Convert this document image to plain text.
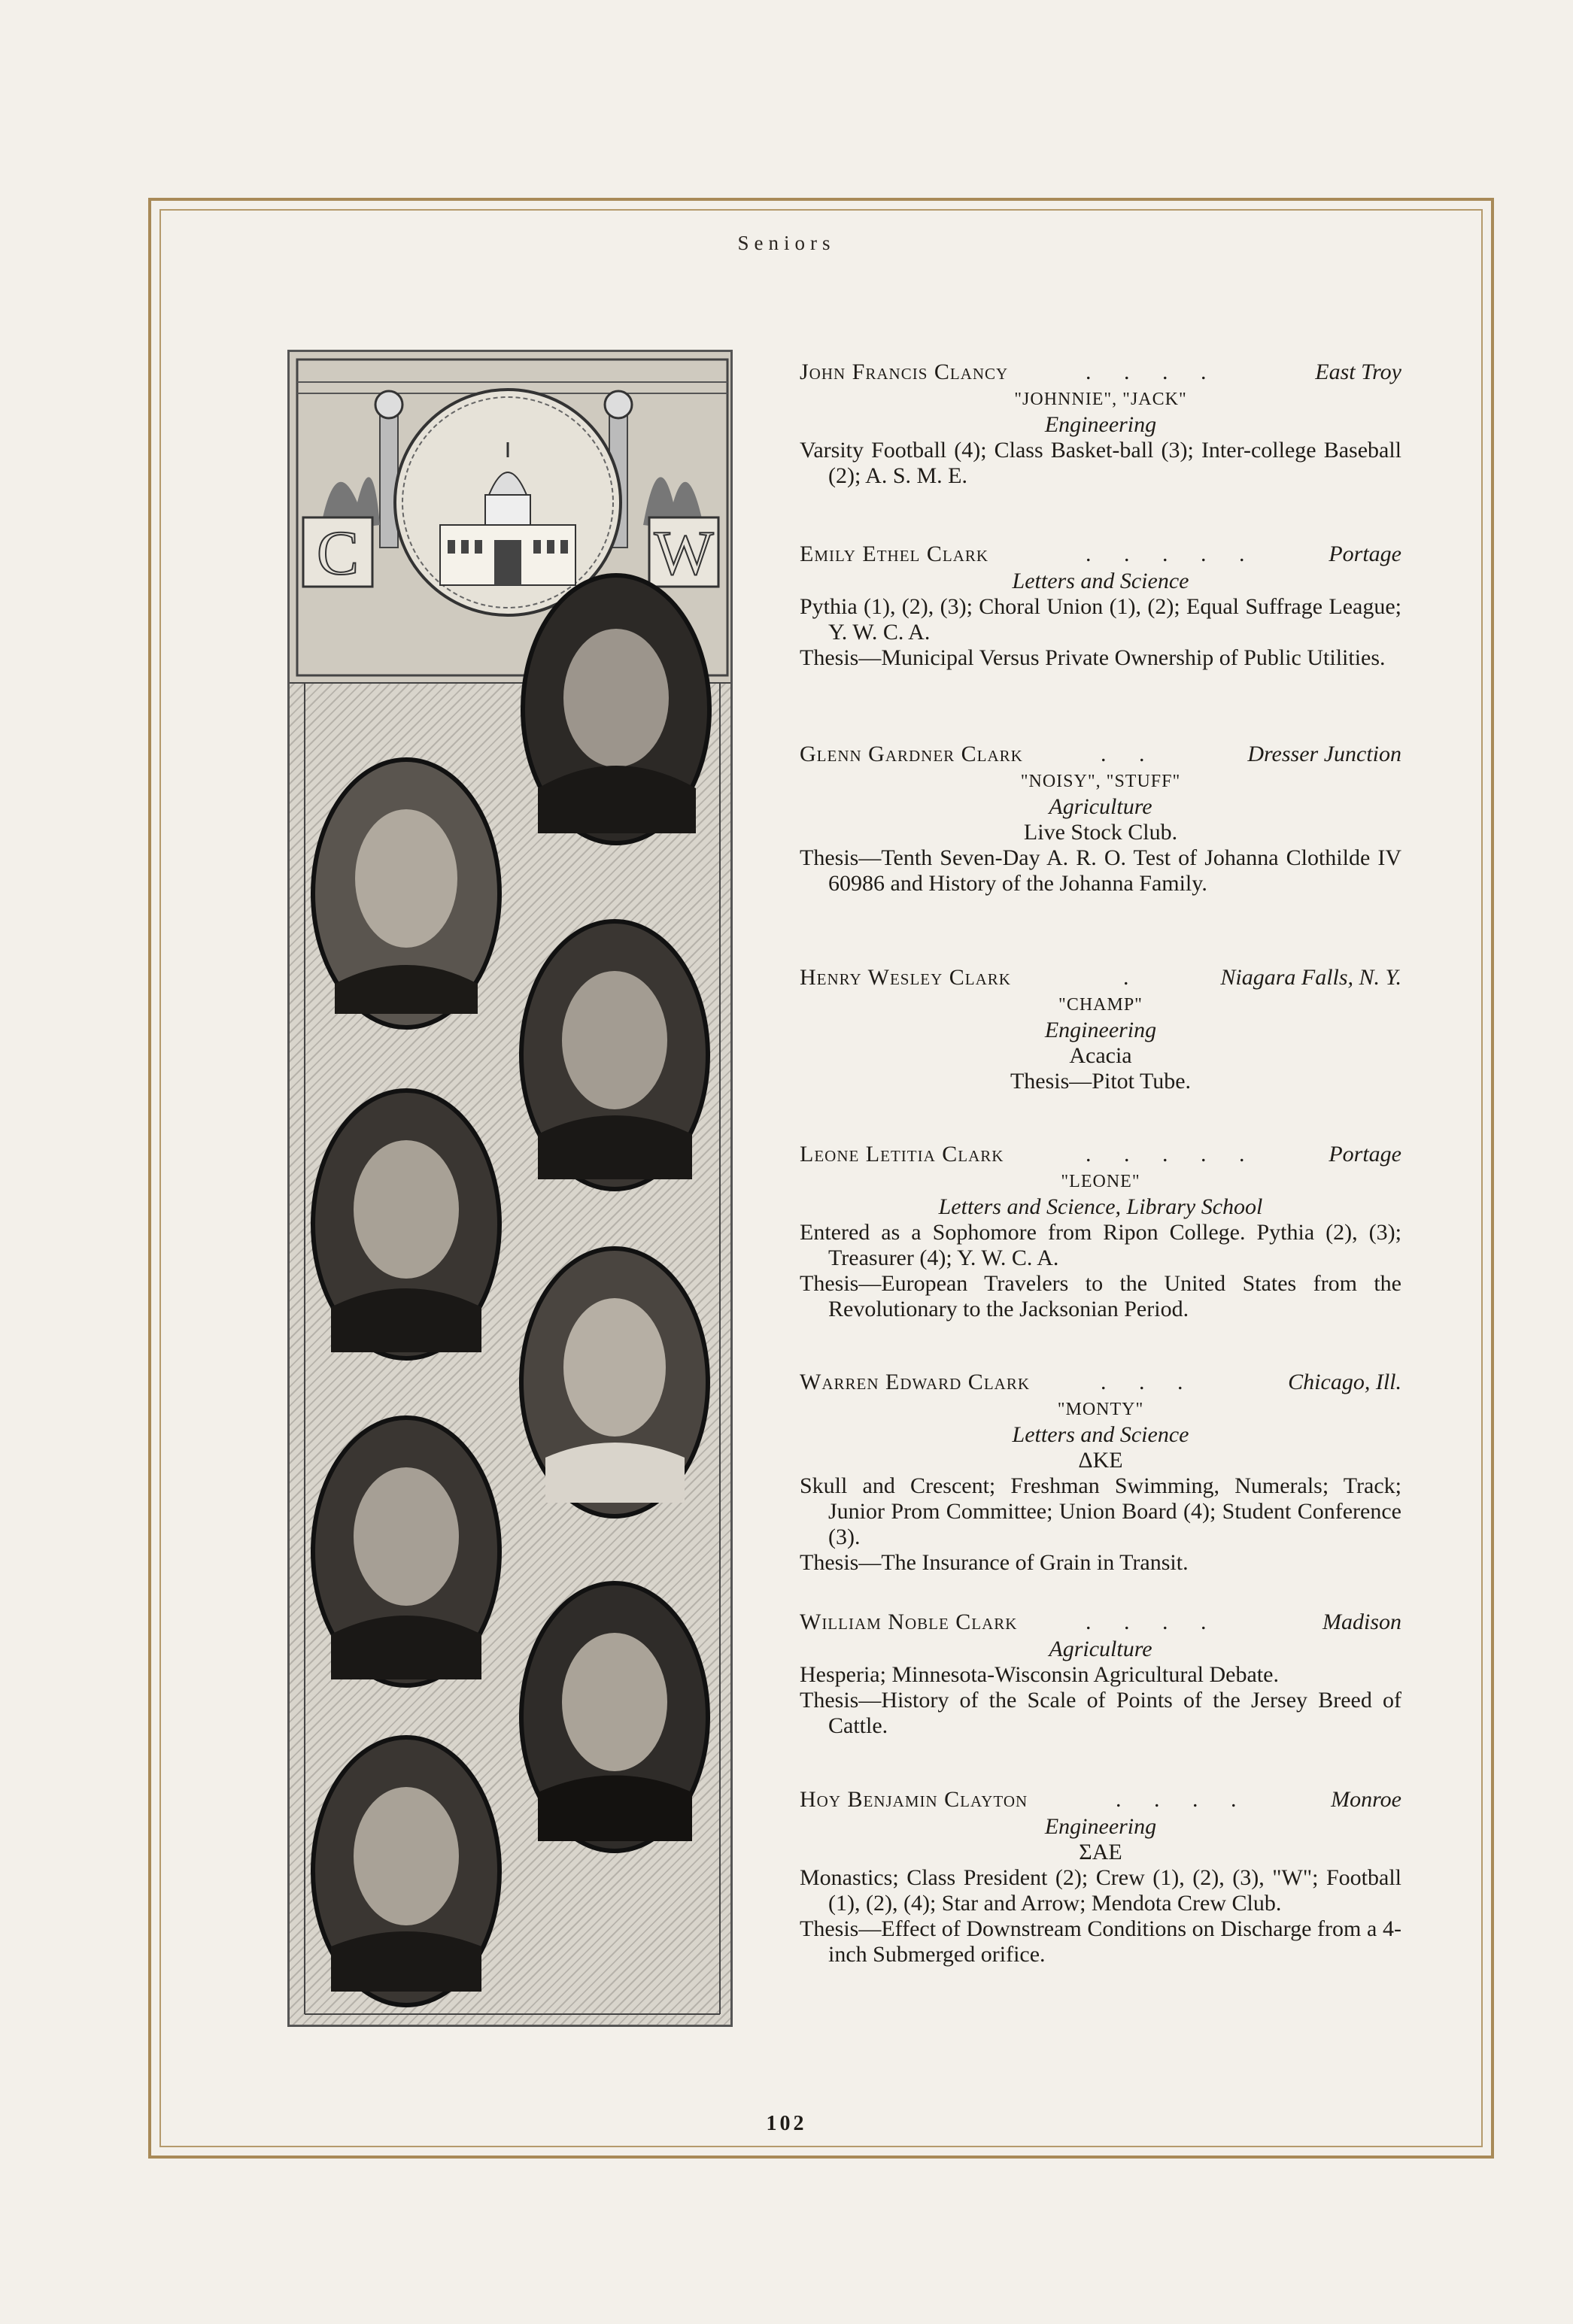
Seniors
C	W
John Francis Clancy	. . . .	East Troy
"JOHNNIE", "JACK"
Engineering
Varsity Football (4); Class Basket-ball (3); Inter-college Baseball (2); A. S. M. E.
Emily Ethel Clark	. . . . .	Portage
Letters and Science
Pythia (1), (2), (3); Choral Union (1), (2); Equal Suffrage League; Y. W. C. A.
Thesis—Municipal Versus Private Ownership of Public Utilities.
Glenn Gardner Clark	. .	Dresser Junction
"NOISY", "STUFF"
Agriculture
Live Stock Club.
Thesis—Tenth Seven-Day A. R. O. Test of Johanna Clothilde IV 60986 and History of the Johanna Family.
Henry Wesley Clark	.	Niagara Falls, N. Y.
"CHAMP"
Engineering
Acacia
Thesis—Pitot Tube.
Leone Letitia Clark	. . . . .	Portage
"LEONE"
Letters and Science, Library School
Entered as a Sophomore from Ripon College. Pythia (2), (3); Treasurer (4); Y. W. C. A.
Thesis—European Travelers to the United States from the Revolutionary to the Jacksonian Period.
Warren Edward Clark	. . .	Chicago, Ill.
"MONTY"
Letters and Science
ΔKE
Skull and Crescent; Freshman Swimming, Numerals; Track; Junior Prom Committee; Union Board (4); Student Conference (3).
Thesis—The Insurance of Grain in Transit.
William Noble Clark	. . . .	Madison
Agriculture
Hesperia; Minnesota-Wisconsin Agricultural Debate.
Thesis—History of the Scale of Points of the Jersey Breed of Cattle.
Hoy Benjamin Clayton	. . . .	Monroe
Engineering
ΣAE
Monastics; Class President (2); Crew (1), (2), (3), "W"; Football (1), (2), (4); Star and Arrow; Mendota Crew Club.
Thesis—Effect of Downstream Conditions on Discharge from a 4-inch Submerged orifice.
102
